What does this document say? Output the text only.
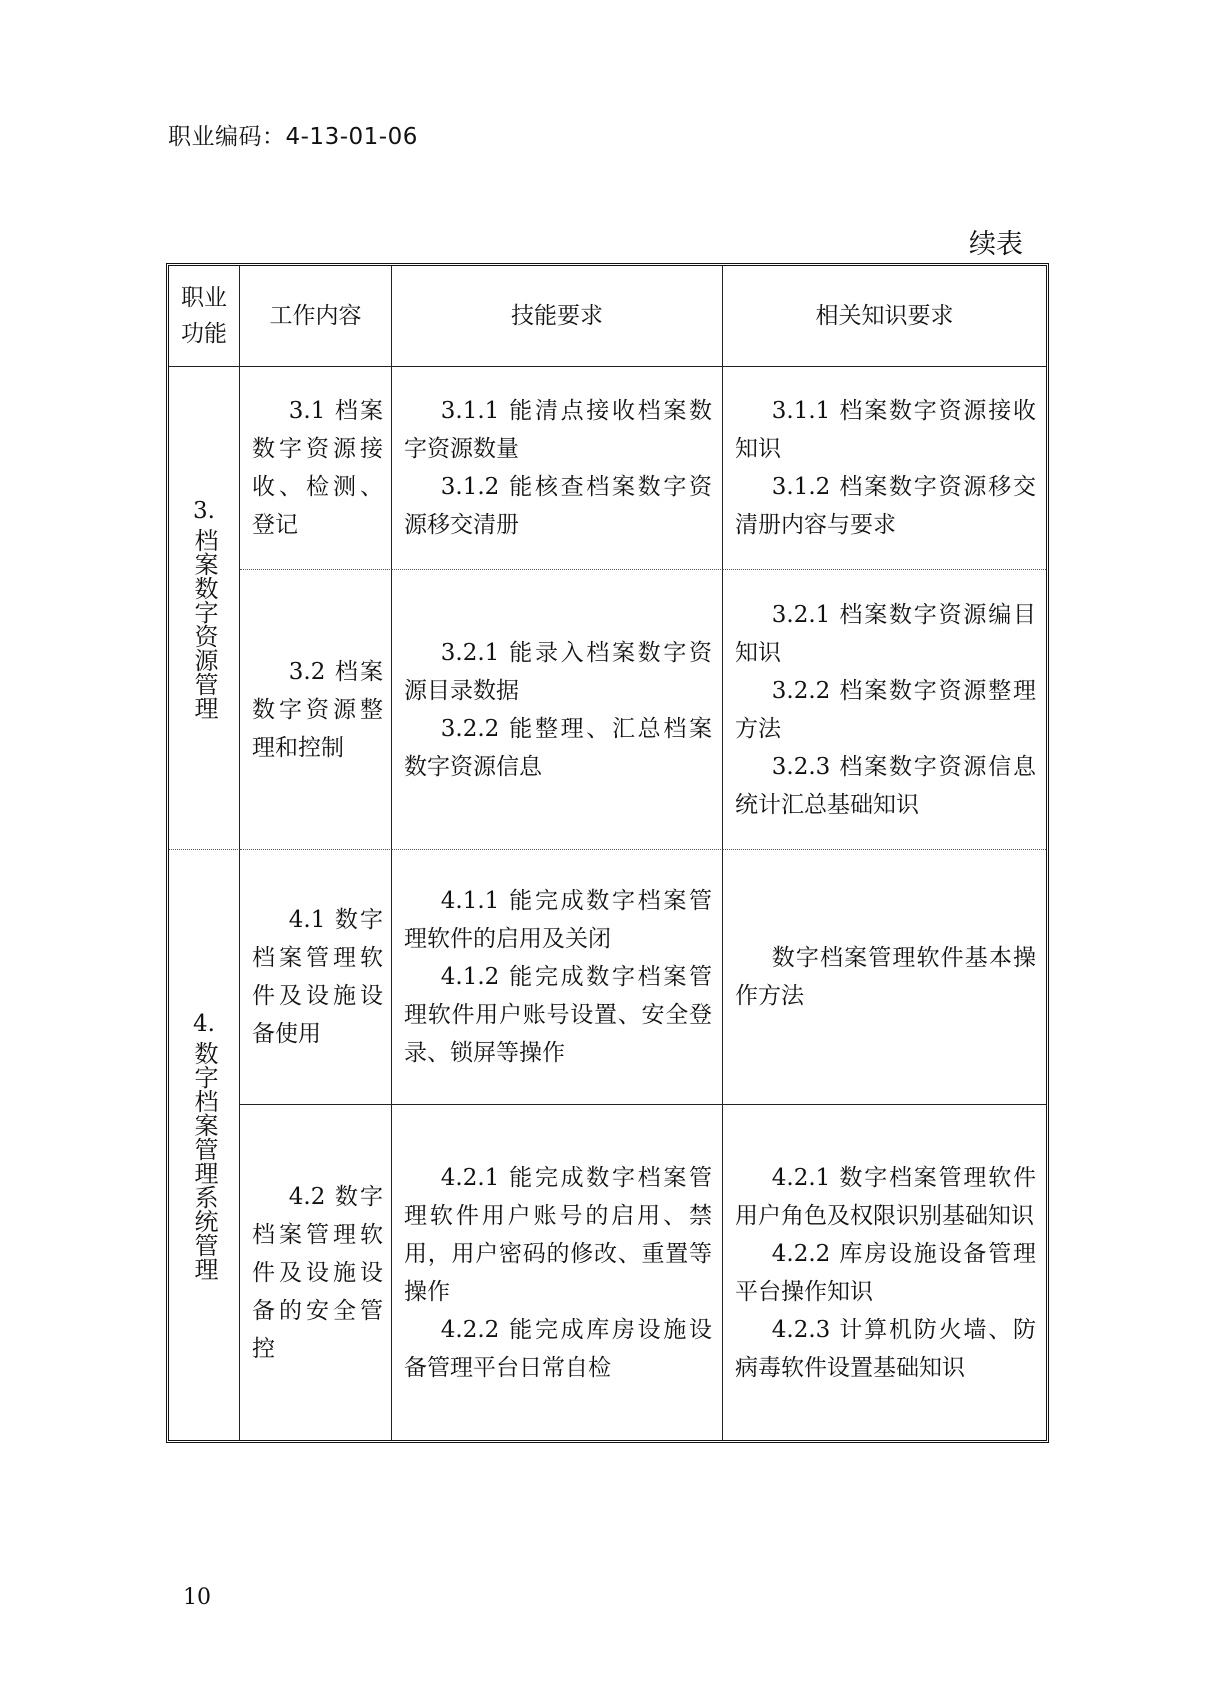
职业编码：4-13-01-06
续表
职业功能
工作内容	技能要求	相关知识要求
3.
档案数字资源管理
3.1 档案数字资源接收、检测、登记

3.1.1 能清点接收档案数字资源数量

3.1.2 能核查档案数字资源移交清册

3.1.1 档案数字资源接收知识

3.1.2 档案数字资源移交清册内容与要求

3.2 档案数字资源整理和控制

3.2.1 能录入档案数字资源目录数据

3.2.2 能整理、汇总档案数字资源信息

3.2.1 档案数字资源编目知识

3.2.2 档案数字资源整理方法

3.2.3 档案数字资源信息统计汇总基础知识

4.
数字档案管理系统管理
4.1 数字档案管理软件及设施设备使用

4.1.1 能完成数字档案管理软件的启用及关闭

4.1.2 能完成数字档案管理软件用户账号设置、安全登录、锁屏等操作

数字档案管理软件基本操作方法

4.2 数字档案管理软件及设施设备的安全管控

4.2.1 能完成数字档案管理软件用户账号的启用、禁用，用户密码的修改、重置等操作

4.2.2 能完成库房设施设备管理平台日常自检

4.2.1 数字档案管理软件用户角色及权限识别基础知识

4.2.2 库房设施设备管理平台操作知识

4.2.3 计算机防火墙、防病毒软件设置基础知识

10
